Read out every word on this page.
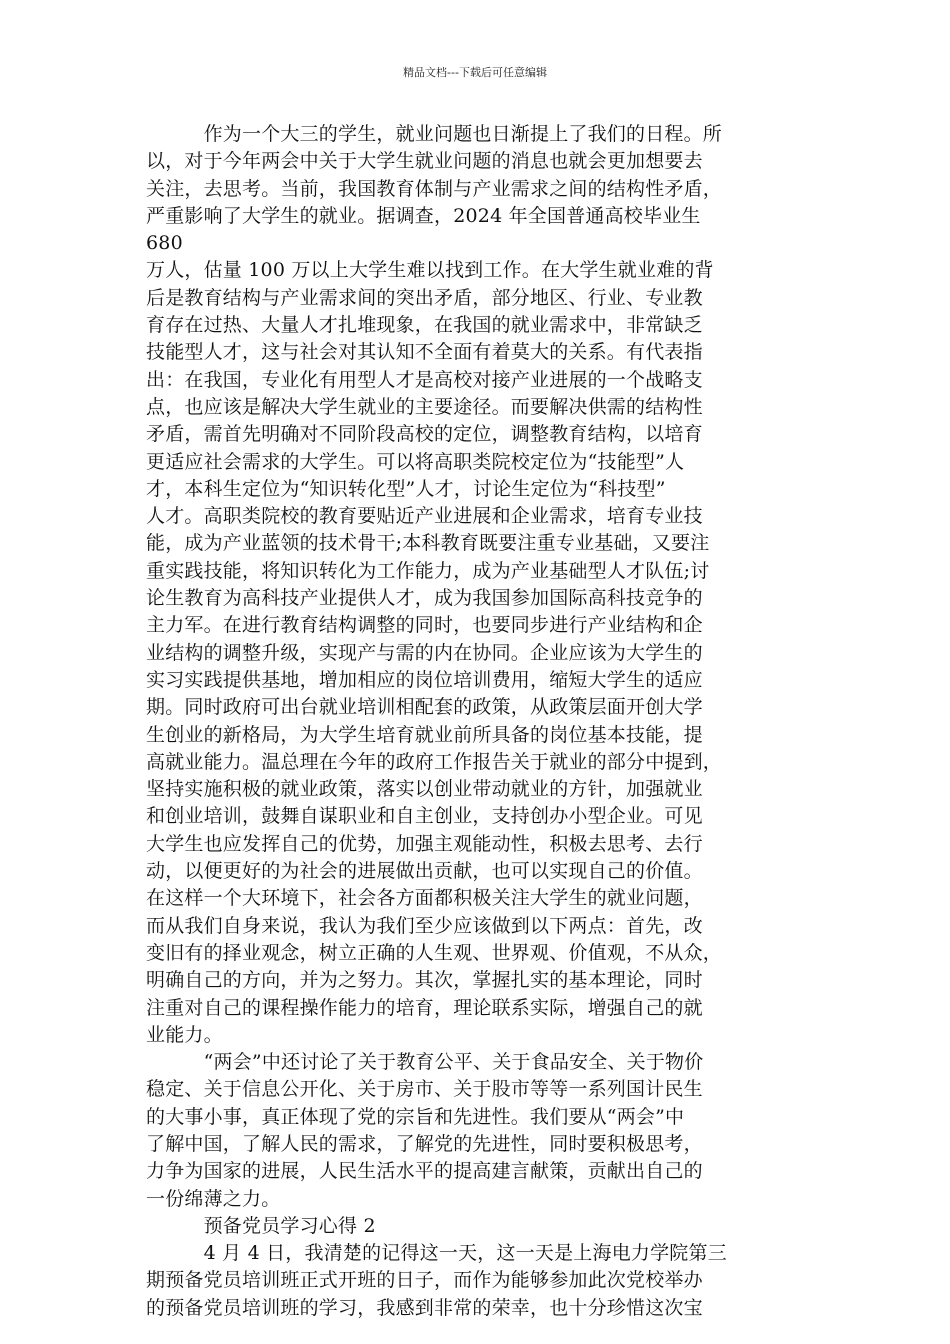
精品文档---下载后可任意编辑
　　　作为一个大三的学生，就业问题也日渐提上了我们的日程。所
以，对于今年两会中关于大学生就业问题的消息也就会更加想要去
关注，去思考。当前，我国教育体制与产业需求之间的结构性矛盾，
严重影响了大学生的就业。据调查，2024 年全国普通高校毕业生
680
万人，估量 100 万以上大学生难以找到工作。在大学生就业难的背
后是教育结构与产业需求间的突出矛盾，部分地区、行业、专业教
育存在过热、大量人才扎堆现象，在我国的就业需求中，非常缺乏
技能型人才，这与社会对其认知不全面有着莫大的关系。有代表指
出：在我国，专业化有用型人才是高校对接产业进展的一个战略支
点，也应该是解决大学生就业的主要途径。而要解决供需的结构性
矛盾，需首先明确对不同阶段高校的定位，调整教育结构，以培育
更适应社会需求的大学生。可以将高职类院校定位为“技能型”人
才，本科生定位为“知识转化型”人才，讨论生定位为“科技型”
人才。高职类院校的教育要贴近产业进展和企业需求，培育专业技
能，成为产业蓝领的技术骨干;本科教育既要注重专业基础，又要注
重实践技能，将知识转化为工作能力，成为产业基础型人才队伍;讨
论生教育为高科技产业提供人才，成为我国参加国际高科技竞争的
主力军。在进行教育结构调整的同时，也要同步进行产业结构和企
业结构的调整升级，实现产与需的内在协同。企业应该为大学生的
实习实践提供基地，增加相应的岗位培训费用，缩短大学生的适应
期。同时政府可出台就业培训相配套的政策，从政策层面开创大学
生创业的新格局，为大学生培育就业前所具备的岗位基本技能，提
高就业能力。温总理在今年的政府工作报告关于就业的部分中提到，
坚持实施积极的就业政策，落实以创业带动就业的方针，加强就业
和创业培训，鼓舞自谋职业和自主创业，支持创办小型企业。可见
大学生也应发挥自己的优势，加强主观能动性，积极去思考、去行
动，以便更好的为社会的进展做出贡献，也可以实现自己的价值。
在这样一个大环境下，社会各方面都积极关注大学生的就业问题，
而从我们自身来说，我认为我们至少应该做到以下两点：首先，改
变旧有的择业观念，树立正确的人生观、世界观、价值观，不从众，
明确自己的方向，并为之努力。其次，掌握扎实的基本理论，同时
注重对自己的课程操作能力的培育，理论联系实际，增强自己的就
业能力。
　　　“两会”中还讨论了关于教育公平、关于食品安全、关于物价
稳定、关于信息公开化、关于房市、关于股市等等一系列国计民生
的大事小事，真正体现了党的宗旨和先进性。我们要从“两会”中
了解中国，了解人民的需求，了解党的先进性，同时要积极思考，
力争为国家的进展，人民生活水平的提高建言献策，贡献出自己的
一份绵薄之力。
　　　预备党员学习心得 2
　　　4 月 4 日，我清楚的记得这一天，这一天是上海电力学院第三
期预备党员培训班正式开班的日子，而作为能够参加此次党校举办
的预备党员培训班的学习，我感到非常的荣幸，也十分珍惜这次宝
